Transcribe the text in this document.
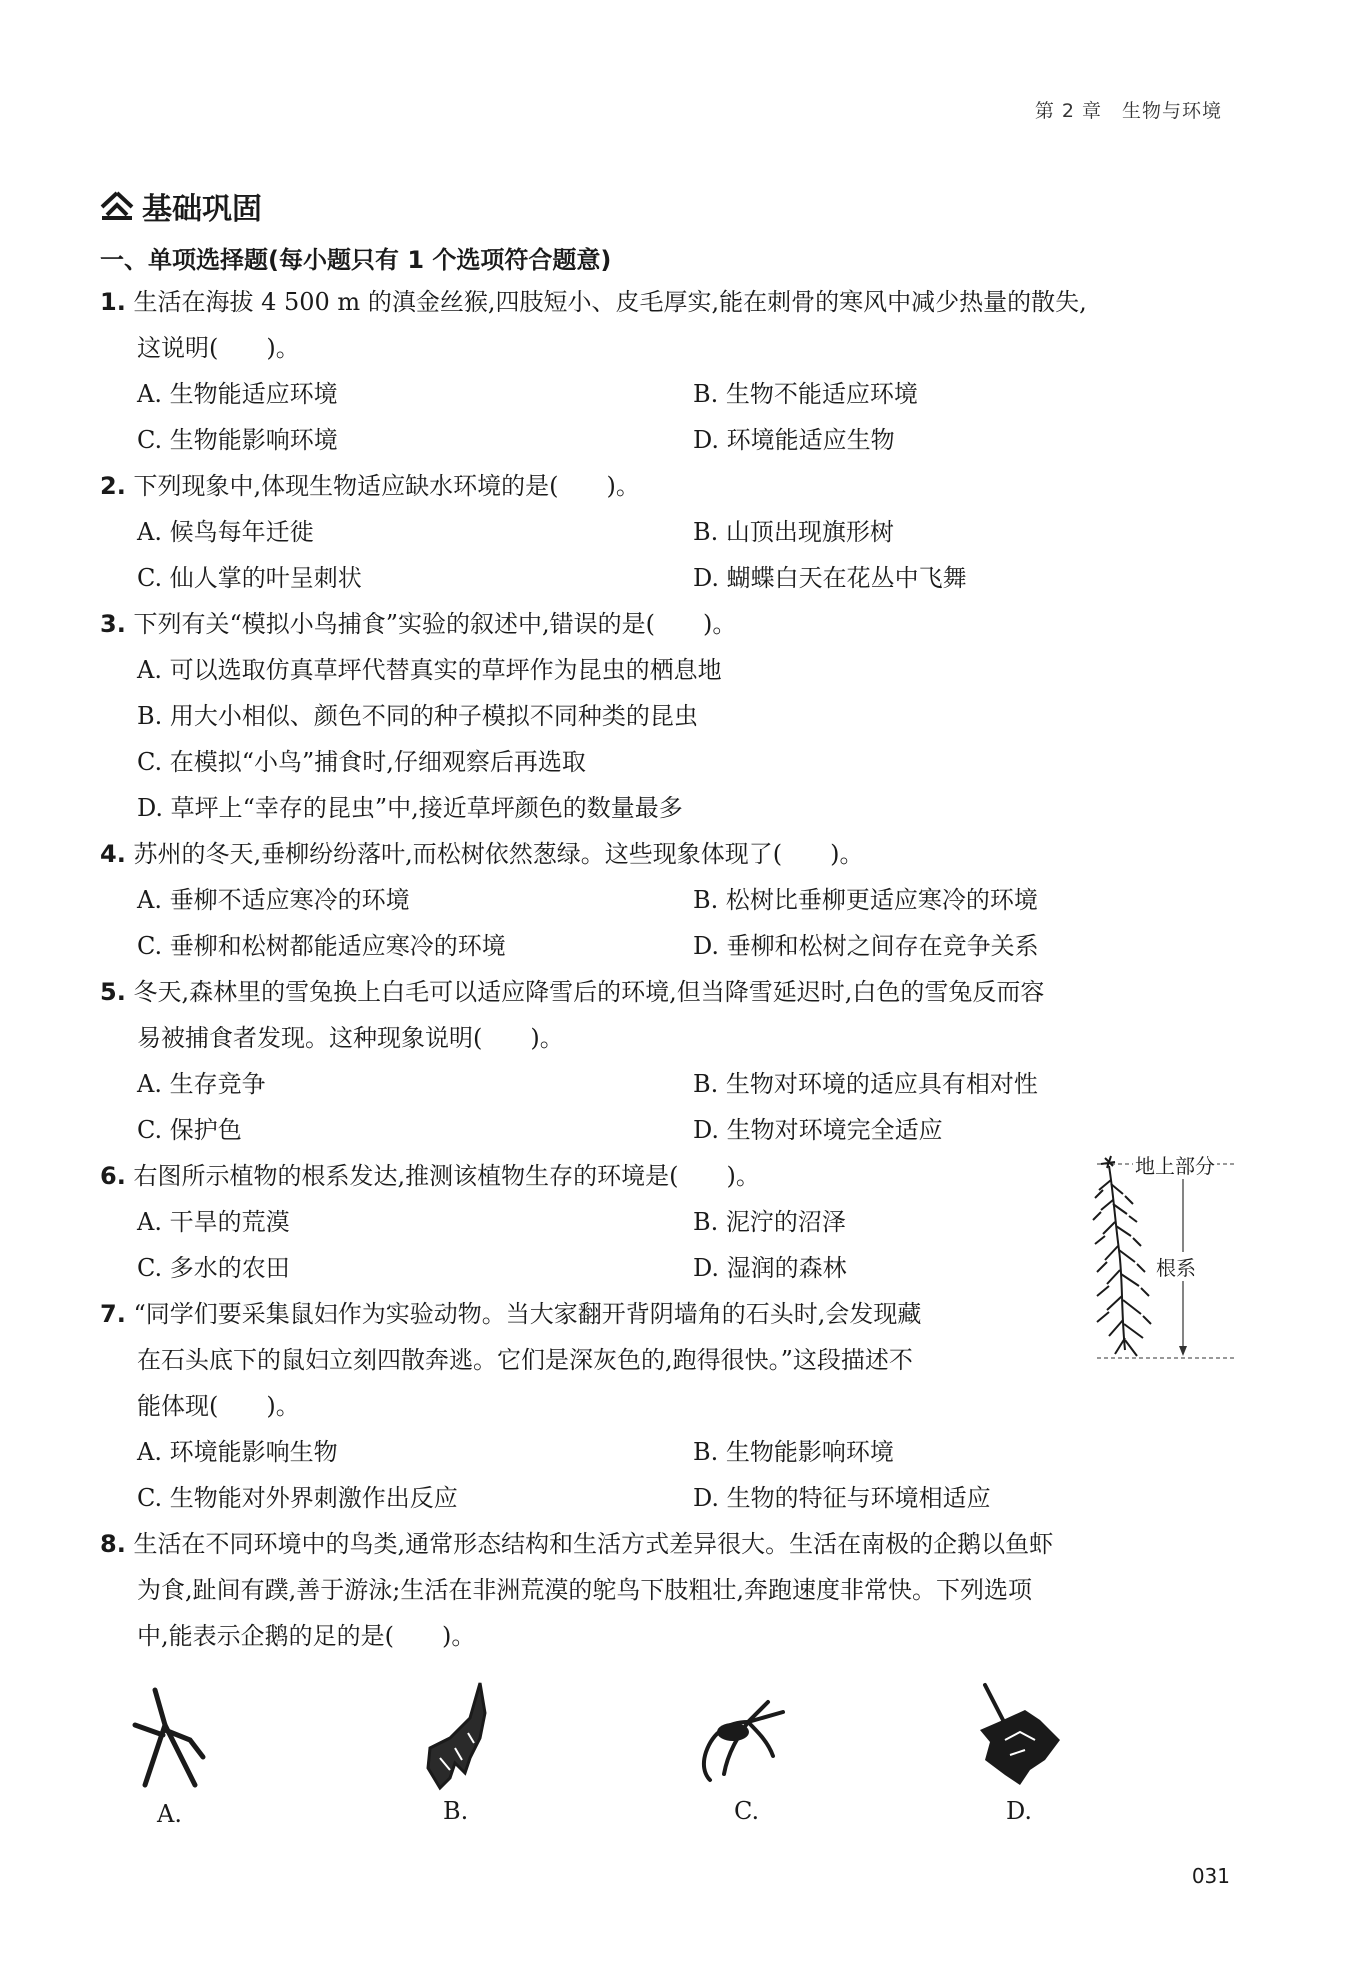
第 2 章　生物与环境
基础巩固
一、单项选择题(每小题只有 1 个选项符合题意)
1. 生活在海拔 4 500 m 的滇金丝猴,四肢短小、皮毛厚实,能在刺骨的寒风中减少热量的散失,
这说明(　　)。
A. 生物能适应环境	B. 生物不能适应环境
C. 生物能影响环境	D. 环境能适应生物
2. 下列现象中,体现生物适应缺水环境的是(　　)。
A. 候鸟每年迁徙	B. 山顶出现旗形树
C. 仙人掌的叶呈刺状	D. 蝴蝶白天在花丛中飞舞
3. 下列有关“模拟小鸟捕食”实验的叙述中,错误的是(　　)。
A. 可以选取仿真草坪代替真实的草坪作为昆虫的栖息地
B. 用大小相似、颜色不同的种子模拟不同种类的昆虫
C. 在模拟“小鸟”捕食时,仔细观察后再选取
D. 草坪上“幸存的昆虫”中,接近草坪颜色的数量最多
4. 苏州的冬天,垂柳纷纷落叶,而松树依然葱绿。这些现象体现了(　　)。
A. 垂柳不适应寒冷的环境	B. 松树比垂柳更适应寒冷的环境
C. 垂柳和松树都能适应寒冷的环境	D. 垂柳和松树之间存在竞争关系
5. 冬天,森林里的雪兔换上白毛可以适应降雪后的环境,但当降雪延迟时,白色的雪兔反而容
易被捕食者发现。这种现象说明(　　)。
A. 生存竞争	B. 生物对环境的适应具有相对性
C. 保护色	D. 生物对环境完全适应
6. 右图所示植物的根系发达,推测该植物生存的环境是(　　)。
A. 干旱的荒漠	B. 泥泞的沼泽
C. 多水的农田	D. 湿润的森林
地上部分
根系
7. “同学们要采集鼠妇作为实验动物。当大家翻开背阴墙角的石头时,会发现藏
在石头底下的鼠妇立刻四散奔逃。它们是深灰色的,跑得很快。”这段描述不
能体现(　　)。
A. 环境能影响生物	B. 生物能影响环境
C. 生物能对外界刺激作出反应	D. 生物的特征与环境相适应
8. 生活在不同环境中的鸟类,通常形态结构和生活方式差异很大。生活在南极的企鹅以鱼虾
为食,趾间有蹼,善于游泳;生活在非洲荒漠的鸵鸟下肢粗壮,奔跑速度非常快。下列选项
中,能表示企鹅的足的是(　　)。
A.	B.	C.	D.
031
